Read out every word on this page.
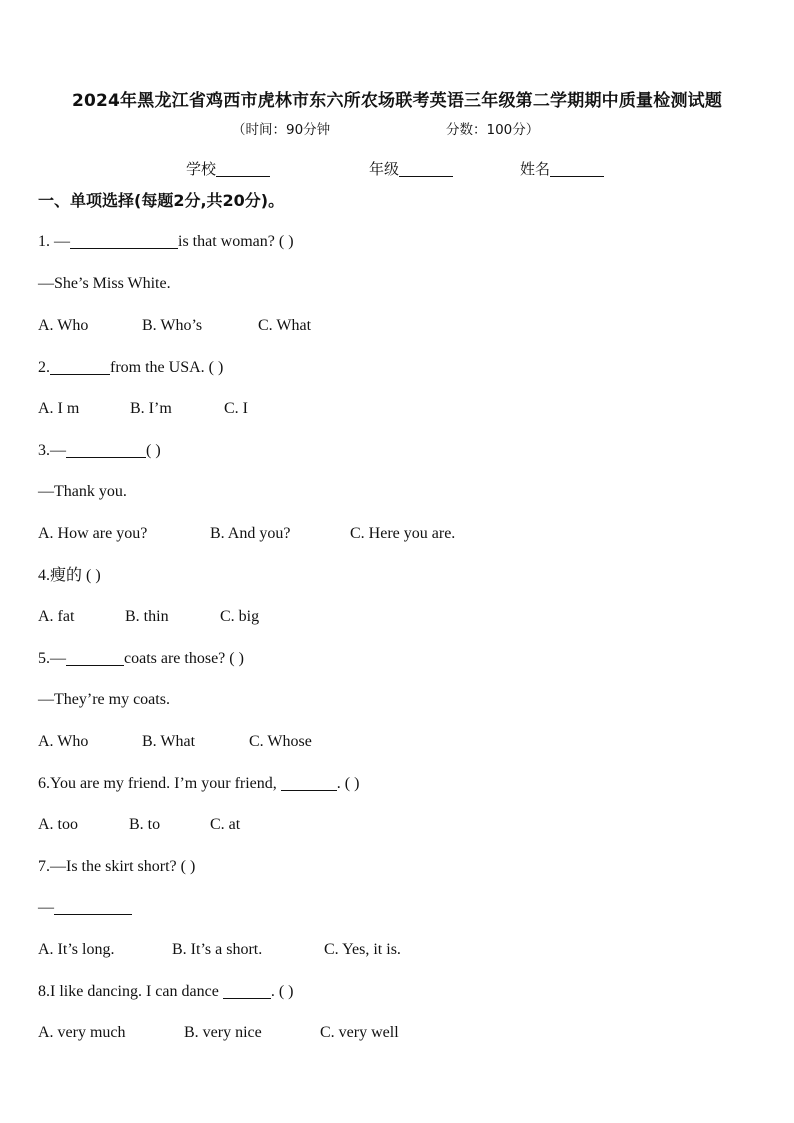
2024年黑龙江省鸡西市虎林市东六所农场联考英语三年级第二学期期中质量检测试题
（时间：90分钟	分数：100分）
学校	年级	姓名
一、单项选择(每题2分,共20分)。
1. —	is that woman? ( )
—She’s Miss White.
A. Who	B. Who’s	C. What
2.	from the USA. ( )
A. I m	B. I’m	C. I
3.—	( )
—Thank you.
A. How are you?	B. And you?	C. Here you are.
4.瘦的 ( )
A. fat	B. thin	C. big
5.—	coats are those? ( )
—They’re my coats.
A. Who	B. What	C. Whose
6.You are my friend. I’m your friend,	. ( )
A. too	B. to	C. at
7.—Is the skirt short? ( )
—
A. It’s long.	B. It’s a short.	C. Yes, it is.
8.I like dancing. I can dance	. ( )
A. very much	B. very nice	C. very well
